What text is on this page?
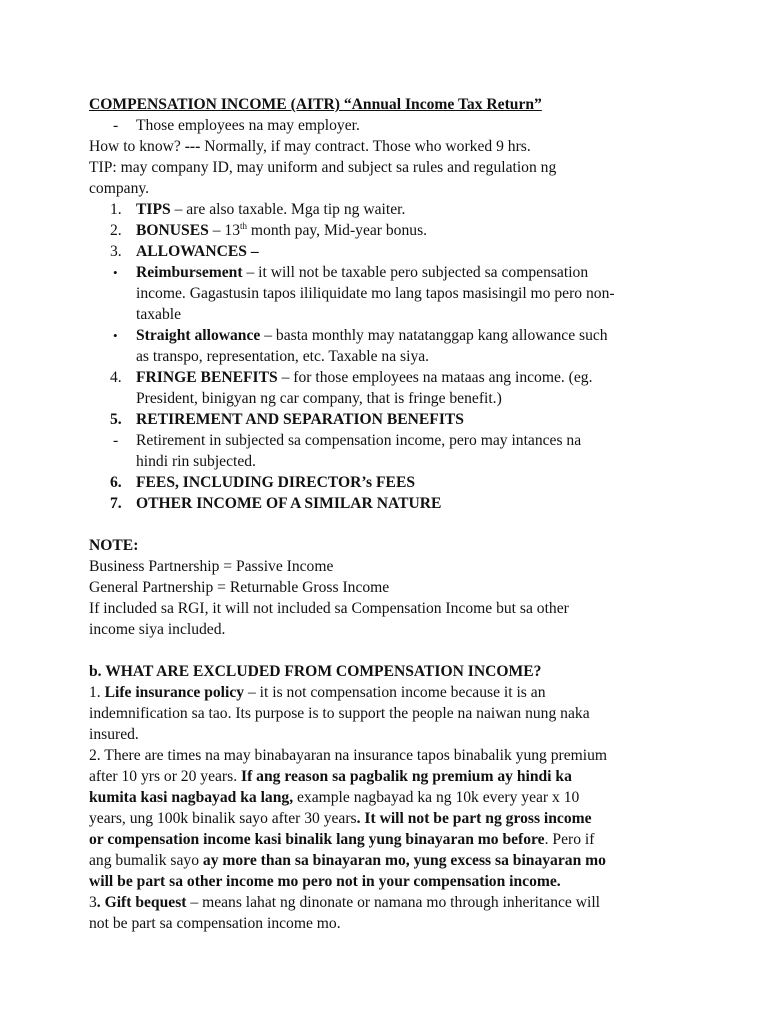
COMPENSATION INCOME (AITR) “Annual Income Tax Return”
- Those employees na may employer.
How to know? --- Normally, if may contract. Those who worked 9 hrs.
TIP: may company ID, may uniform and subject sa rules and regulation ng
company.
1. TIPS – are also taxable. Mga tip ng waiter.
2. BONUSES – 13th month pay, Mid-year bonus.
3. ALLOWANCES –
•	Reimbursement – it will not be taxable pero subjected sa compensation
income. Gagastusin tapos ililiquidate mo lang tapos masisingil mo pero non-
taxable
•	Straight allowance – basta monthly may natatanggap kang allowance such
as transpo, representation, etc. Taxable na siya.
4. FRINGE BENEFITS – for those employees na mataas ang income. (eg.
President, binigyan ng car company, that is fringe benefit.)
5. RETIREMENT AND SEPARATION BENEFITS
-	Retirement in subjected sa compensation income, pero may intances na
hindi rin subjected.
6. FEES, INCLUDING DIRECTOR’s FEES
7. OTHER INCOME OF A SIMILAR NATURE
NOTE:
Business Partnership = Passive Income
General Partnership = Returnable Gross Income
If included sa RGI, it will not included sa Compensation Income but sa other
income siya included.
b. WHAT ARE EXCLUDED FROM COMPENSATION INCOME?
1. Life insurance policy – it is not compensation income because it is an
indemnification sa tao. Its purpose is to support the people na naiwan nung naka
insured.
2. There are times na may binabayaran na insurance tapos binabalik yung premium
after 10 yrs or 20 years. If ang reason sa pagbalik ng premium ay hindi ka
kumita kasi nagbayad ka lang, example nagbayad ka ng 10k every year x 10
years, ung 100k binalik sayo after 30 years. It will not be part ng gross income
or compensation income kasi binalik lang yung binayaran mo before. Pero if
ang bumalik sayo ay more than sa binayaran mo, yung excess sa binayaran mo
will be part sa other income mo pero not in your compensation income.
3. Gift bequest – means lahat ng dinonate or namana mo through inheritance will
not be part sa compensation income mo.
